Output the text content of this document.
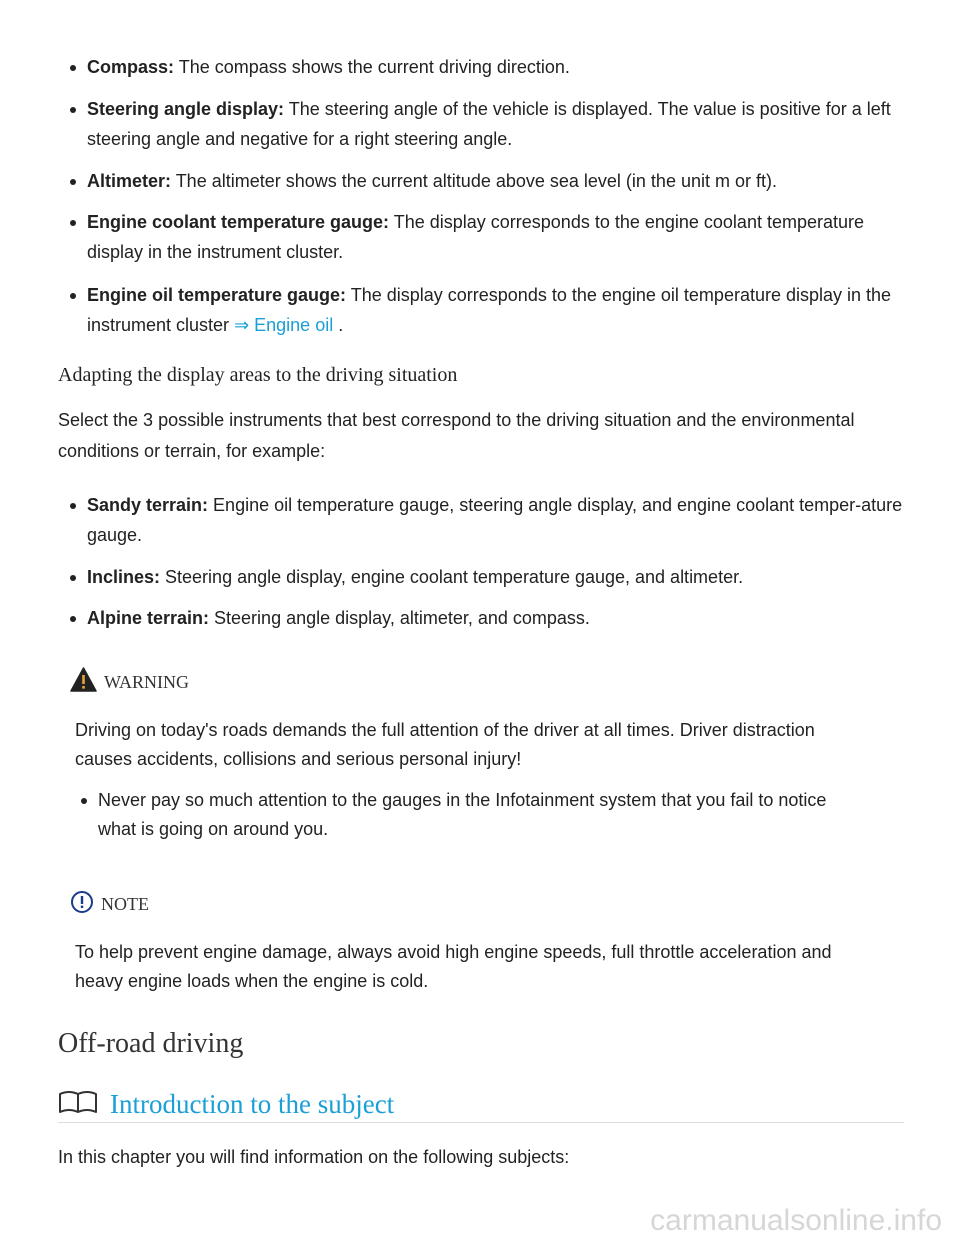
Compass: The compass shows the current driving direction.
Steering angle display: The steering angle of the vehicle is displayed. The value is positive for a left steering angle and negative for a right steering angle.
Altimeter: The altimeter shows the current altitude above sea level (in the unit m or ft).
Engine coolant temperature gauge: The display corresponds to the engine coolant temperature display in the instrument cluster.
Engine oil temperature gauge: The display corresponds to the engine oil temperature display in the instrument cluster ⇒ Engine oil .
Adapting the display areas to the driving situation
Select the 3 possible instruments that best correspond to the driving situation and the environmental conditions or terrain, for example:
Sandy terrain: Engine oil temperature gauge, steering angle display, and engine coolant temper-ature gauge.
Inclines: Steering angle display, engine coolant temperature gauge, and altimeter.
Alpine terrain: Steering angle display, altimeter, and compass.
WARNING
Driving on today's roads demands the full attention of the driver at all times. Driver distraction causes accidents, collisions and serious personal injury!
Never pay so much attention to the gauges in the Infotainment system that you fail to notice what is going on around you.
NOTE
To help prevent engine damage, always avoid high engine speeds, full throttle acceleration and heavy engine loads when the engine is cold.
Off-road driving
Introduction to the subject
In this chapter you will find information on the following subjects:
carmanualsonline.info
